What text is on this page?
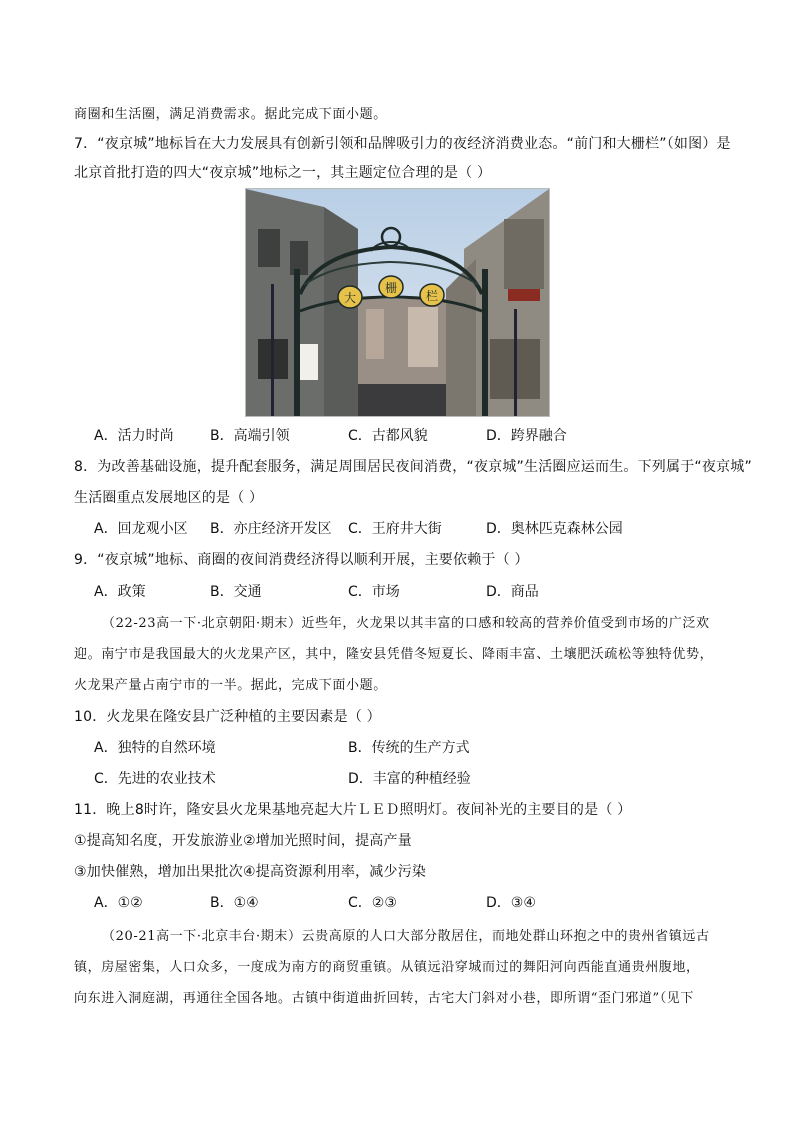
商圈和生活圈，满足消费需求。据此完成下面小题。
7．“夜京城”地标旨在大力发展具有创新引领和品牌吸引力的夜经济消费业态。“前门和大栅栏”（如图）是
北京首批打造的四大“夜京城”地标之一，其主题定位合理的是（ ）
大
栅
栏
A．活力时尚	B．高端引领	C．古都风貌	D．跨界融合
8．为改善基础设施，提升配套服务，满足周围居民夜间消费，“夜京城”生活圈应运而生。下列属于“夜京城”
生活圈重点发展地区的是（ ）
A．回龙观小区 B．亦庄经济开发区 C．王府井大街	D．奥林匹克森林公园
9．“夜京城”地标、商圈的夜间消费经济得以顺利开展，主要依赖于（ ）
A．政策	B．交通	C．市场	D．商品
（22-23高一下·北京朝阳·期末）近些年，火龙果以其丰富的口感和较高的营养价值受到市场的广泛欢
迎。南宁市是我国最大的火龙果产区，其中，隆安县凭借冬短夏长、降雨丰富、土壤肥沃疏松等独特优势，
火龙果产量占南宁市的一半。据此，完成下面小题。
10．火龙果在隆安县广泛种植的主要因素是（ ）
A．独特的自然环境	B．传统的生产方式
C．先进的农业技术	D．丰富的种植经验
11．晚上8时许，隆安县火龙果基地亮起大片ＬＥＤ照明灯。夜间补光的主要目的是（ ）
①提高知名度，开发旅游业②增加光照时间，提高产量
③加快催熟，增加出果批次④提高资源利用率，减少污染
A．①②	B．①④	C．②③	D．③④
（20-21高一下·北京丰台·期末）云贵高原的人口大部分散居住，而地处群山环抱之中的贵州省镇远古
镇，房屋密集，人口众多，一度成为南方的商贸重镇。从镇远沿穿城而过的舞阳河向西能直通贵州腹地，
向东进入洞庭湖，再通往全国各地。古镇中街道曲折回转，古宅大门斜对小巷，即所谓“歪门邪道”（见下
